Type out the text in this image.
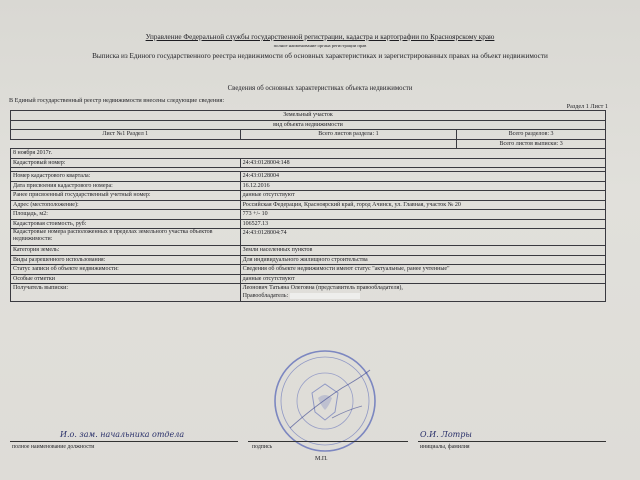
Управление Федеральной службы государственной регистрации, кадастра и картографии по Красноярскому краю
полное наименование органа регистрации прав
Выписка из Единого государственного реестра недвижимости об основных характеристиках и зарегистрированных правах на объект недвижимости
Сведения об основных характеристиках объекта недвижимости
В Единый государственный реестр недвижимости внесены следующие сведения:
Раздел 1 Лист 1
Земельный участок		
вид объекта недвижимости		
Лист №1 Раздел 1	Всего листов раздела: 1	Всего разделов: 3
		Всего листов выписки: 3
8 ноября 2017г.		
Кадастровый номер:	24:43:0128004:148	

Номер кадастрового квартала:	24:43:0128004	
Дата присвоения кадастрового номера:	16.12.2016	
Ранее присвоенный государственный учетный номер:	данные отсутствуют	
Адрес (местоположение):	Российская Федерация, Красноярский край, город Ачинск, ул. Главная, участок № 20	
Площадь, м2:	773 +/- 10	
Кадастровая стоимость, руб:	106527.13	
Кадастровые номера расположенных в пределах земельного участка объектов недвижимости:	24:43:0128004:74	
Категория земель:	Земли населенных пунктов	
Виды разрешенного использования:	Для индивидуального жилищного строительства	
Статус записи об объекте недвижимости:	Сведения об объекте недвижимости имеют статус "актуальные, ранее учтенные"	
Особые отметки	данные отсутствуют	
Получатель выписки:	Леонович Татьяна Олеговна (представитель правообладателя),
Правообладатель:	
И.о. зам. начальника отдела	О.И. Лотры
полное наименование должности	подпись	инициалы, фамилия
М.П.
